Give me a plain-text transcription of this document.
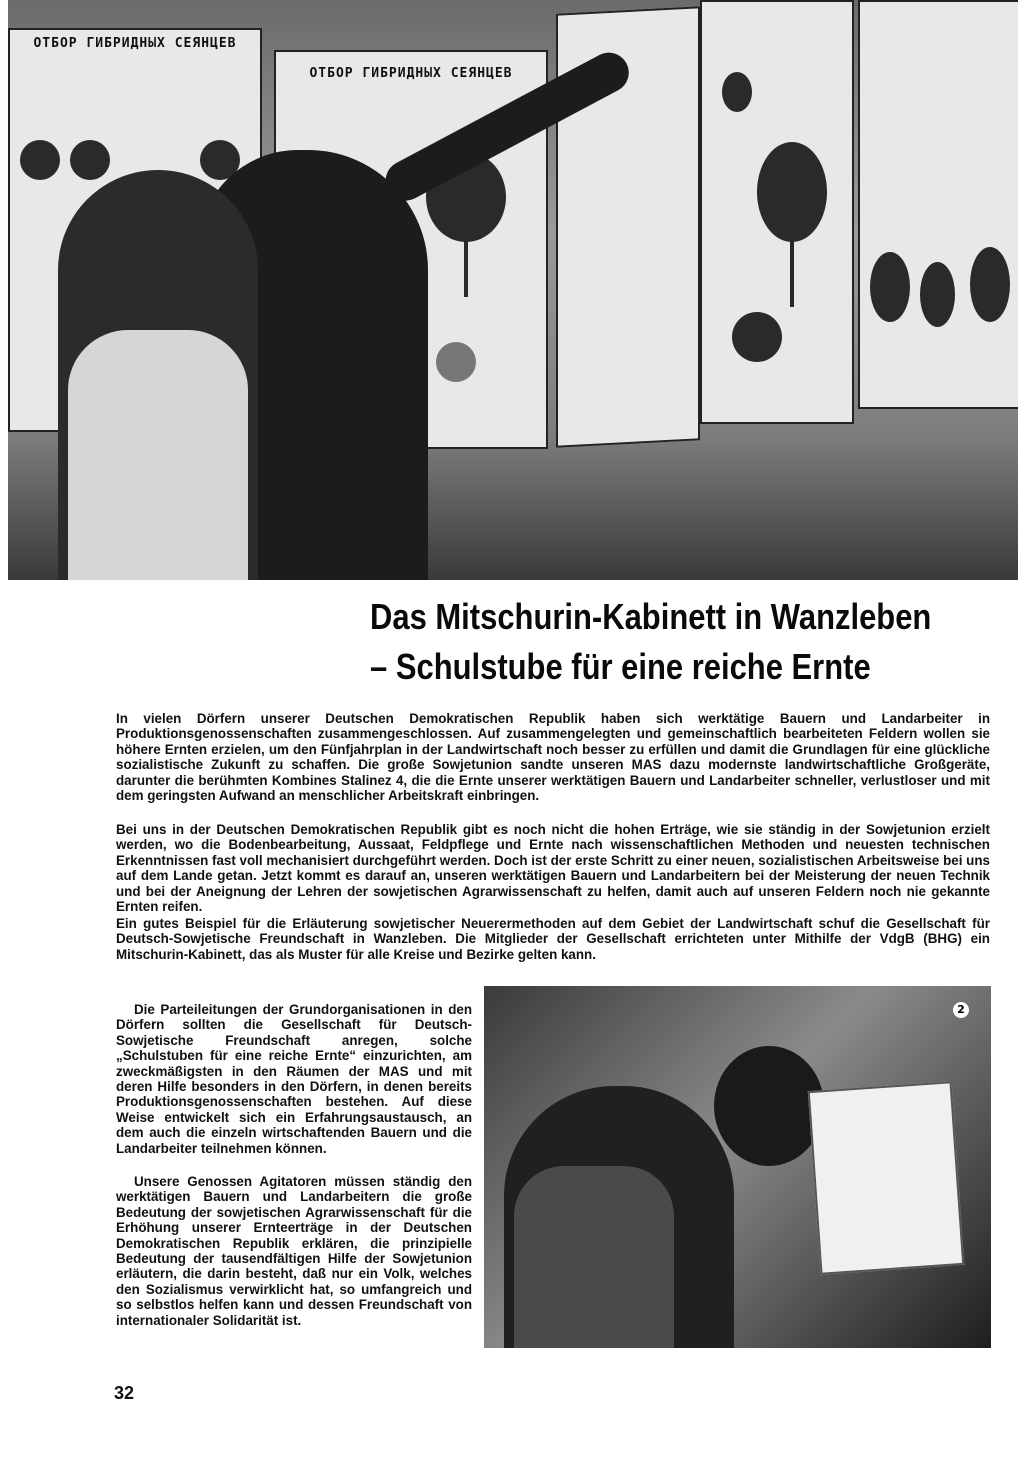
ОТБОР ГИБРИДНЫХ СЕЯНЦЕВ
ОТБОР ГИБРИДНЫХ СЕЯНЦЕВ
Das Mitschurin-Kabinett in Wanzleben
– Schulstube für eine reiche Ernte
In vielen Dörfern unserer Deutschen Demokratischen Republik haben sich werktätige Bauern und Landarbeiter in Produktionsgenossenschaften zusammengeschlossen. Auf zusammengelegten und gemeinschaftlich bearbeiteten Feldern wollen sie höhere Ernten erzielen, um den Fünfjahrplan in der Landwirtschaft noch besser zu erfüllen und damit die Grundlagen für eine glückliche sozialistische Zukunft zu schaffen. Die große Sowjetunion sandte unseren MAS dazu modernste landwirtschaftliche Großgeräte, darunter die berühmten Kombines Stalinez 4, die die Ernte unserer werktätigen Bauern und Landarbeiter schneller, verlustloser und mit dem geringsten Aufwand an menschlicher Arbeitskraft einbringen.
Bei uns in der Deutschen Demokratischen Republik gibt es noch nicht die hohen Erträge, wie sie ständig in der Sowjetunion erzielt werden, wo die Bodenbearbeitung, Aussaat, Feldpflege und Ernte nach wissenschaftlichen Methoden und neuesten technischen Erkenntnissen fast voll mechanisiert durchgeführt werden. Doch ist der erste Schritt zu einer neuen, sozialistischen Arbeitsweise bei uns auf dem Lande getan. Jetzt kommt es darauf an, unseren werktätigen Bauern und Landarbeitern bei der Meisterung der neuen Technik und bei der Aneignung der Lehren der sowjetischen Agrarwissenschaft zu helfen, damit auch auf unseren Feldern noch nie gekannte Ernten reifen.
Ein gutes Beispiel für die Erläuterung sowjetischer Neuerermethoden auf dem Gebiet der Landwirtschaft schuf die Gesellschaft für Deutsch-Sowjetische Freundschaft in Wanzleben. Die Mitglieder der Gesellschaft errichteten unter Mithilfe der VdgB (BHG) ein Mitschurin-Kabinett, das als Muster für alle Kreise und Bezirke gelten kann.
Die Parteileitungen der Grundorganisationen in den Dörfern sollten die Gesellschaft für Deutsch-Sowjetische Freundschaft anregen, solche „Schulstuben für eine reiche Ernte“ einzurichten, am zweckmäßigsten in den Räumen der MAS und mit deren Hilfe besonders in den Dörfern, in denen bereits Produktionsgenossenschaften bestehen. Auf diese Weise entwickelt sich ein Erfahrungsaustausch, an dem auch die einzeln wirtschaftenden Bauern und die Landarbeiter teilnehmen können.
Unsere Genossen Agitatoren müssen ständig den werktätigen Bauern und Landarbeitern die große Bedeutung der sowjetischen Agrarwissenschaft für die Erhöhung unserer Ernteerträge in der Deutschen Demokratischen Republik erklären, die prinzipielle Bedeutung der tausendfältigen Hilfe der Sowjetunion erläutern, die darin besteht, daß nur ein Volk, welches den Sozialismus verwirklicht hat, so umfangreich und so selbstlos helfen kann und dessen Freundschaft von internationaler Solidarität ist.
2
32
